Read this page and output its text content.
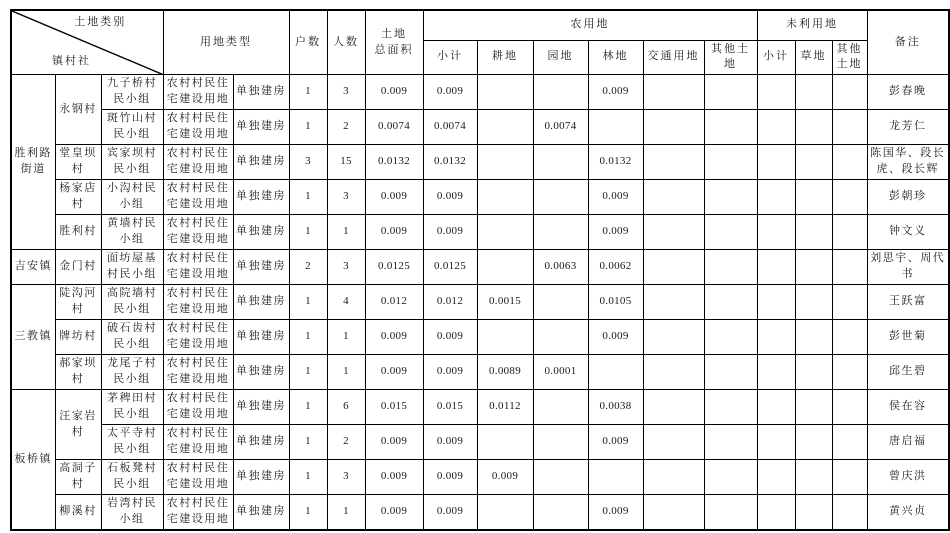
土地类别
镇村社			用地类型		户数	人数	土地
总面积	农用地						未利用地			备注
								小计	耕地	园地	林地	交通用地	其他土地	小计	草地	其他土地	
胜利路街道	永钢村	九子桥村民小组	农村村民住宅建设用地	单独建房	1	3	0.009	0.009			0.009						彭春晚
		斑竹山村民小组	农村村民住宅建设用地	单独建房	1	2	0.0074	0.0074		0.0074							龙芳仁
	堂皇坝村	宾家坝村民小组	农村村民住宅建设用地	单独建房	3	15	0.0132	0.0132			0.0132						陈国华、段长虎、段长辉
	杨家店村	小沟村民小组	农村村民住宅建设用地	单独建房	1	3	0.009	0.009			0.009						彭朝珍
	胜利村	黄墙村民小组	农村村民住宅建设用地	单独建房	1	1	0.009	0.009			0.009						钟文义
吉安镇	金门村	面坊屋基村民小组	农村村民住宅建设用地	单独建房	2	3	0.0125	0.0125		0.0063	0.0062						刘思宇、周代书
三教镇	陡沟河村	高院墙村民小组	农村村民住宅建设用地	单独建房	1	4	0.012	0.012	0.0015		0.0105						王跃富
	牌坊村	破石齿村民小组	农村村民住宅建设用地	单独建房	1	1	0.009	0.009			0.009						彭世菊
	郝家坝村	龙尾子村民小组	农村村民住宅建设用地	单独建房	1	1	0.009	0.009	0.0089	0.0001							邱生碧
板桥镇	汪家岩村	茅稗田村民小组	农村村民住宅建设用地	单独建房	1	6	0.015	0.015	0.0112		0.0038						侯在容
		太平寺村民小组	农村村民住宅建设用地	单独建房	1	2	0.009	0.009			0.009						唐启福
	高洞子村	石板凳村民小组	农村村民住宅建设用地	单独建房	1	3	0.009	0.009	0.009								曾庆洪
	柳溪村	岩湾村民小组	农村村民住宅建设用地	单独建房	1	1	0.009	0.009			0.009						黄兴贞
